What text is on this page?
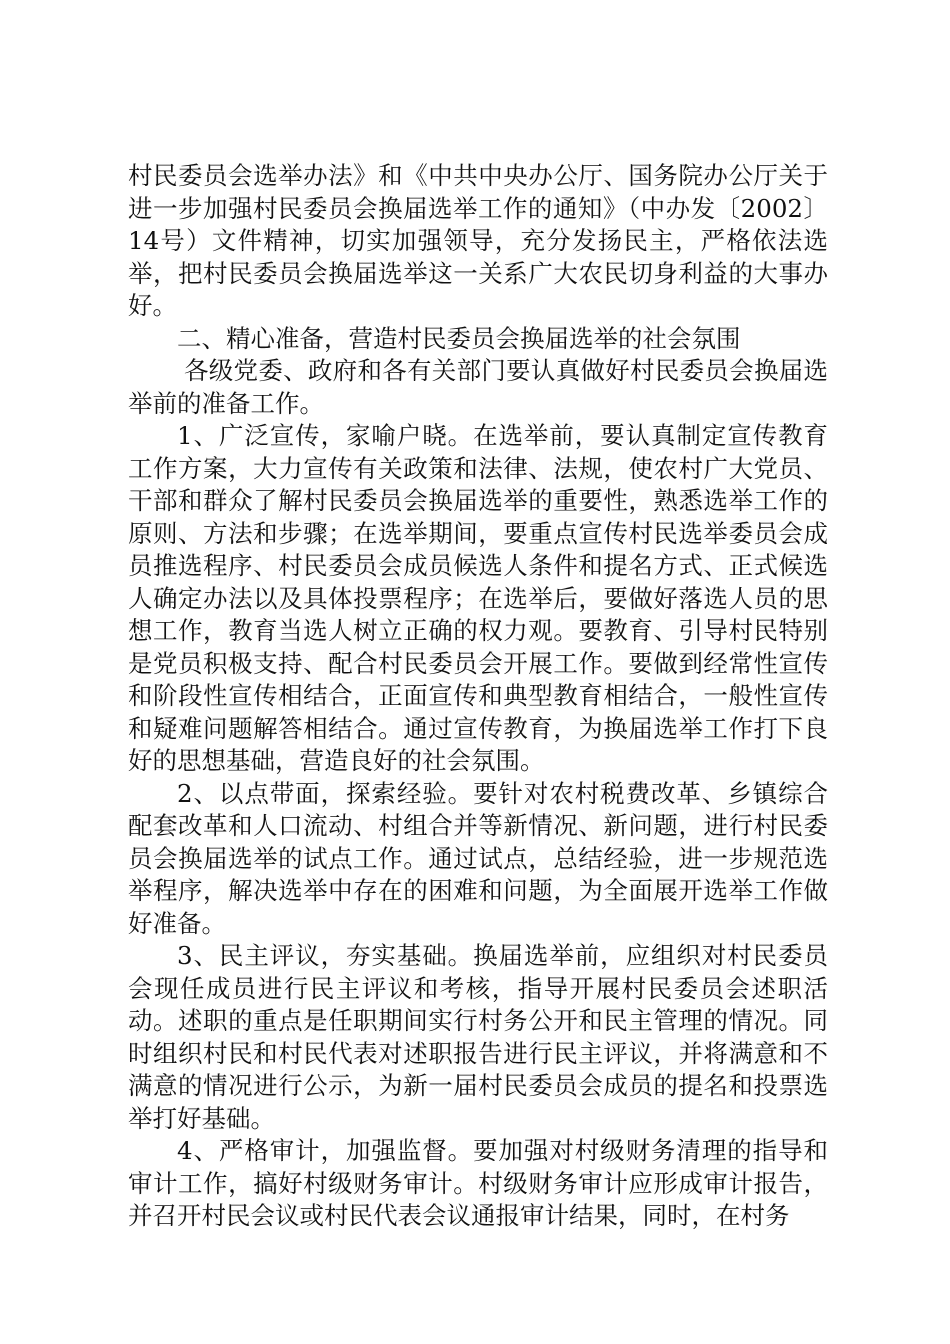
村民委员会选举办法》和《中共中央办公厅、国务院办公厅关于进一步加强村民委员会换届选举工作的通知》（中办发〔2002〕14号）文件精神，切实加强领导，充分发扬民主，严格依法选举，把村民委员会换届选举这一关系广大农民切身利益的大事办好。

二、精心准备，营造村民委员会换届选举的社会氛围

各级党委、政府和各有关部门要认真做好村民委员会换届选举前的准备工作。

1、广泛宣传，家喻户晓。在选举前，要认真制定宣传教育工作方案，大力宣传有关政策和法律、法规，使农村广大党员、干部和群众了解村民委员会换届选举的重要性，熟悉选举工作的原则、方法和步骤；在选举期间，要重点宣传村民选举委员会成员推选程序、村民委员会成员候选人条件和提名方式、正式候选人确定办法以及具体投票程序；在选举后，要做好落选人员的思想工作，教育当选人树立正确的权力观。要教育、引导村民特别是党员积极支持、配合村民委员会开展工作。要做到经常性宣传和阶段性宣传相结合，正面宣传和典型教育相结合，一般性宣传和疑难问题解答相结合。通过宣传教育，为换届选举工作打下良好的思想基础，营造良好的社会氛围。

2、以点带面，探索经验。要针对农村税费改革、乡镇综合配套改革和人口流动、村组合并等新情况、新问题，进行村民委员会换届选举的试点工作。通过试点，总结经验，进一步规范选举程序，解决选举中存在的困难和问题，为全面展开选举工作做好准备。

3、民主评议，夯实基础。换届选举前，应组织对村民委员会现任成员进行民主评议和考核，指导开展村民委员会述职活动。述职的重点是任职期间实行村务公开和民主管理的情况。同时组织村民和村民代表对述职报告进行民主评议，并将满意和不满意的情况进行公示，为新一届村民委员会成员的提名和投票选举打好基础。

4、严格审计，加强监督。要加强对村级财务清理的指导和审计工作，搞好村级财务审计。村级财务审计应形成审计报告，并召开村民会议或村民代表会议通报审计结果，同时，在村务
